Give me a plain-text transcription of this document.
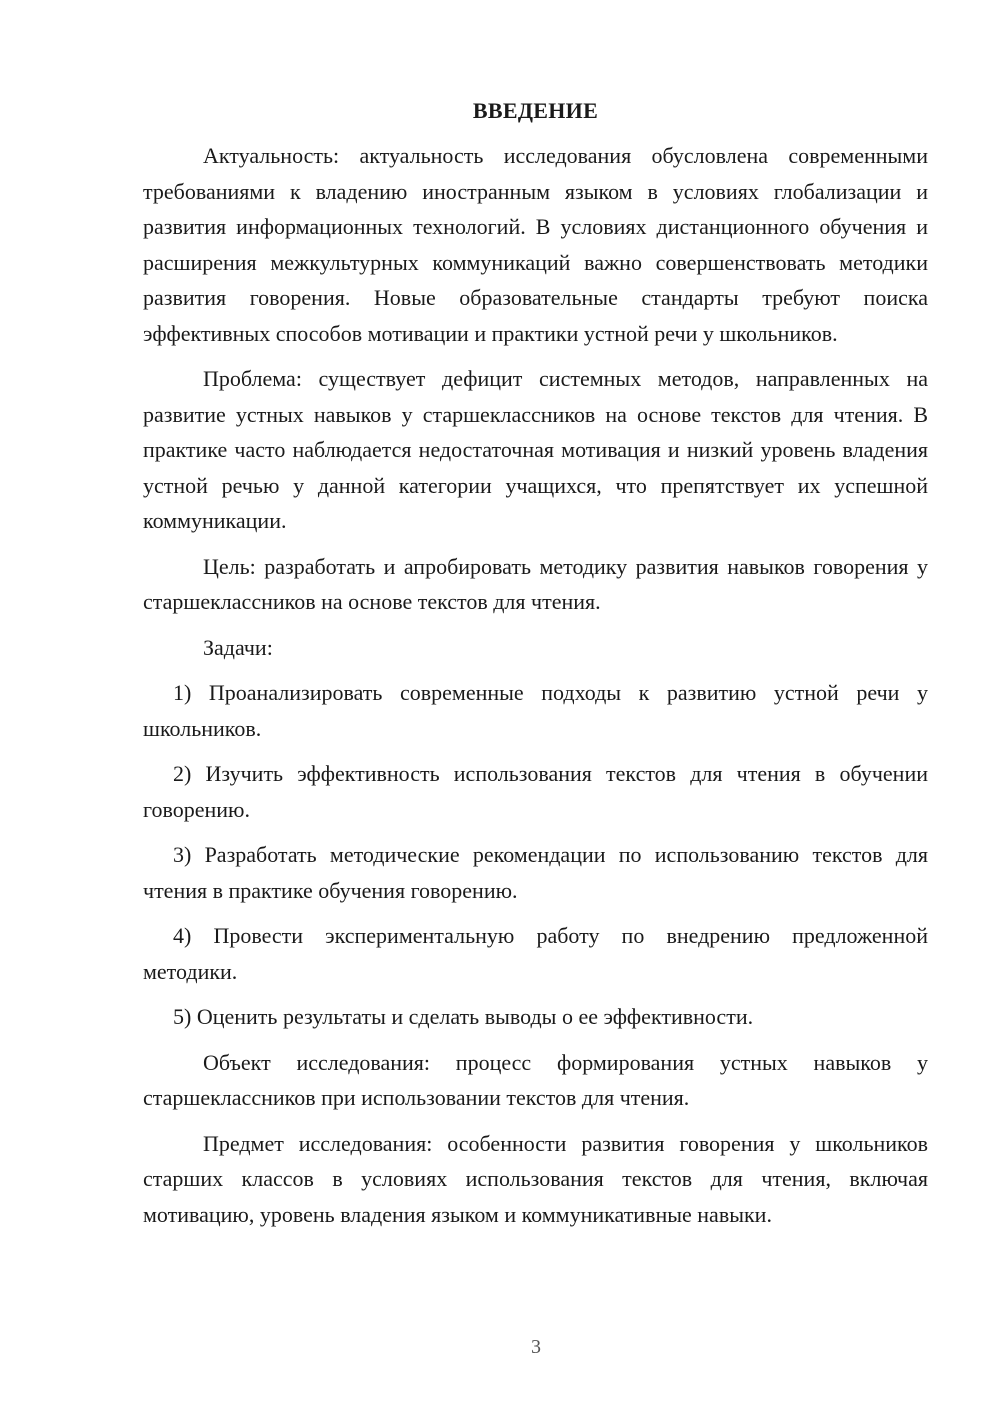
ВВЕДЕНИЕ

Актуальность: актуальность исследования обусловлена современными требованиями к владению иностранным языком в условиях глобализации и развития информационных технологий. В условиях дистанционного обучения и расширения межкультурных коммуникаций важно совершенствовать методики развития говорения. Новые образовательные стандарты требуют поиска эффективных способов мотивации и практики устной речи у школьников.

Проблема: существует дефицит системных методов, направленных на развитие устных навыков у старшеклассников на основе текстов для чтения. В практике часто наблюдается недостаточная мотивация и низкий уровень владения устной речью у данной категории учащихся, что препятствует их успешной коммуникации.

Цель: разработать и апробировать методику развития навыков говорения у старшеклассников на основе текстов для чтения.

Задачи:

1) Проанализировать современные подходы к развитию устной речи у школьников.

2) Изучить эффективность использования текстов для чтения в обучении говорению.

3) Разработать методические рекомендации по использованию текстов для чтения в практике обучения говорению.

4) Провести экспериментальную работу по внедрению предложенной методики.

5) Оценить результаты и сделать выводы о ее эффективности.

Объект исследования: процесс формирования устных навыков у старшеклассников при использовании текстов для чтения.

Предмет исследования: особенности развития говорения у школьников старших классов в условиях использования текстов для чтения, включая мотивацию, уровень владения языком и коммуникативные навыки.

3
